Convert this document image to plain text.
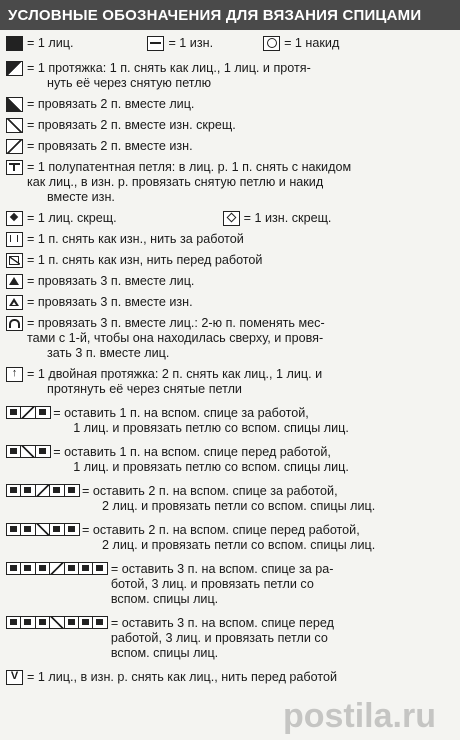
УСЛОВНЫЕ ОБОЗНАЧЕНИЯ ДЛЯ ВЯЗАНИЯ СПИЦАМИ
= 1 лиц.	= 1 изн.	= 1 накид
= 1 протяжка: 1 п. снять как лиц., 1 лиц. и протя-
нуть её через снятую петлю
= провязать 2 п. вместе лиц.
= провязать 2 п. вместе изн. скрещ.
= провязать 2 п. вместе изн.
= 1 полупатентная петля: в лиц. р. 1 п. снять с накидом
как лиц., в изн. р. провязать снятую петлю и накид
вместе изн.
= 1 лиц. скрещ.	= 1 изн. скрещ.
= 1 п. снять как изн., нить за работой
= 1 п. снять как изн, нить перед работой
= провязать 3 п. вместе лиц.
= провязать 3 п. вместе изн.
= провязать 3 п. вместе лиц.: 2-ю п. поменять мес-
тами с 1-й, чтобы она находилась сверху, и провя-
зать 3 п. вместе лиц.
↑ = 1 двойная протяжка: 2 п. снять как лиц., 1 лиц. и
протянуть её через снятые петли
= оставить 1 п. на вспом. спице за работой,
1 лиц. и провязать петлю со вспом. спицы лиц.
= оставить 1 п. на вспом. спице перед работой,
1 лиц. и провязать петлю со вспом. спицы лиц.
= оставить 2 п. на вспом. спице за работой,
2 лиц. и провязать петли со вспом. спицы лиц.
= оставить 2 п. на вспом. спице перед работой,
2 лиц. и провязать петли со вспом. спицы лиц.
= оставить 3 п. на вспом. спице за ра-
ботой, 3 лиц. и провязать петли со
вспом. спицы лиц.
= оставить 3 п. на вспом. спице перед
работой, 3 лиц. и провязать петли со
вспом. спицы лиц.
V = 1 лиц., в изн. р. снять как лиц., нить перед работой
postila.ru
